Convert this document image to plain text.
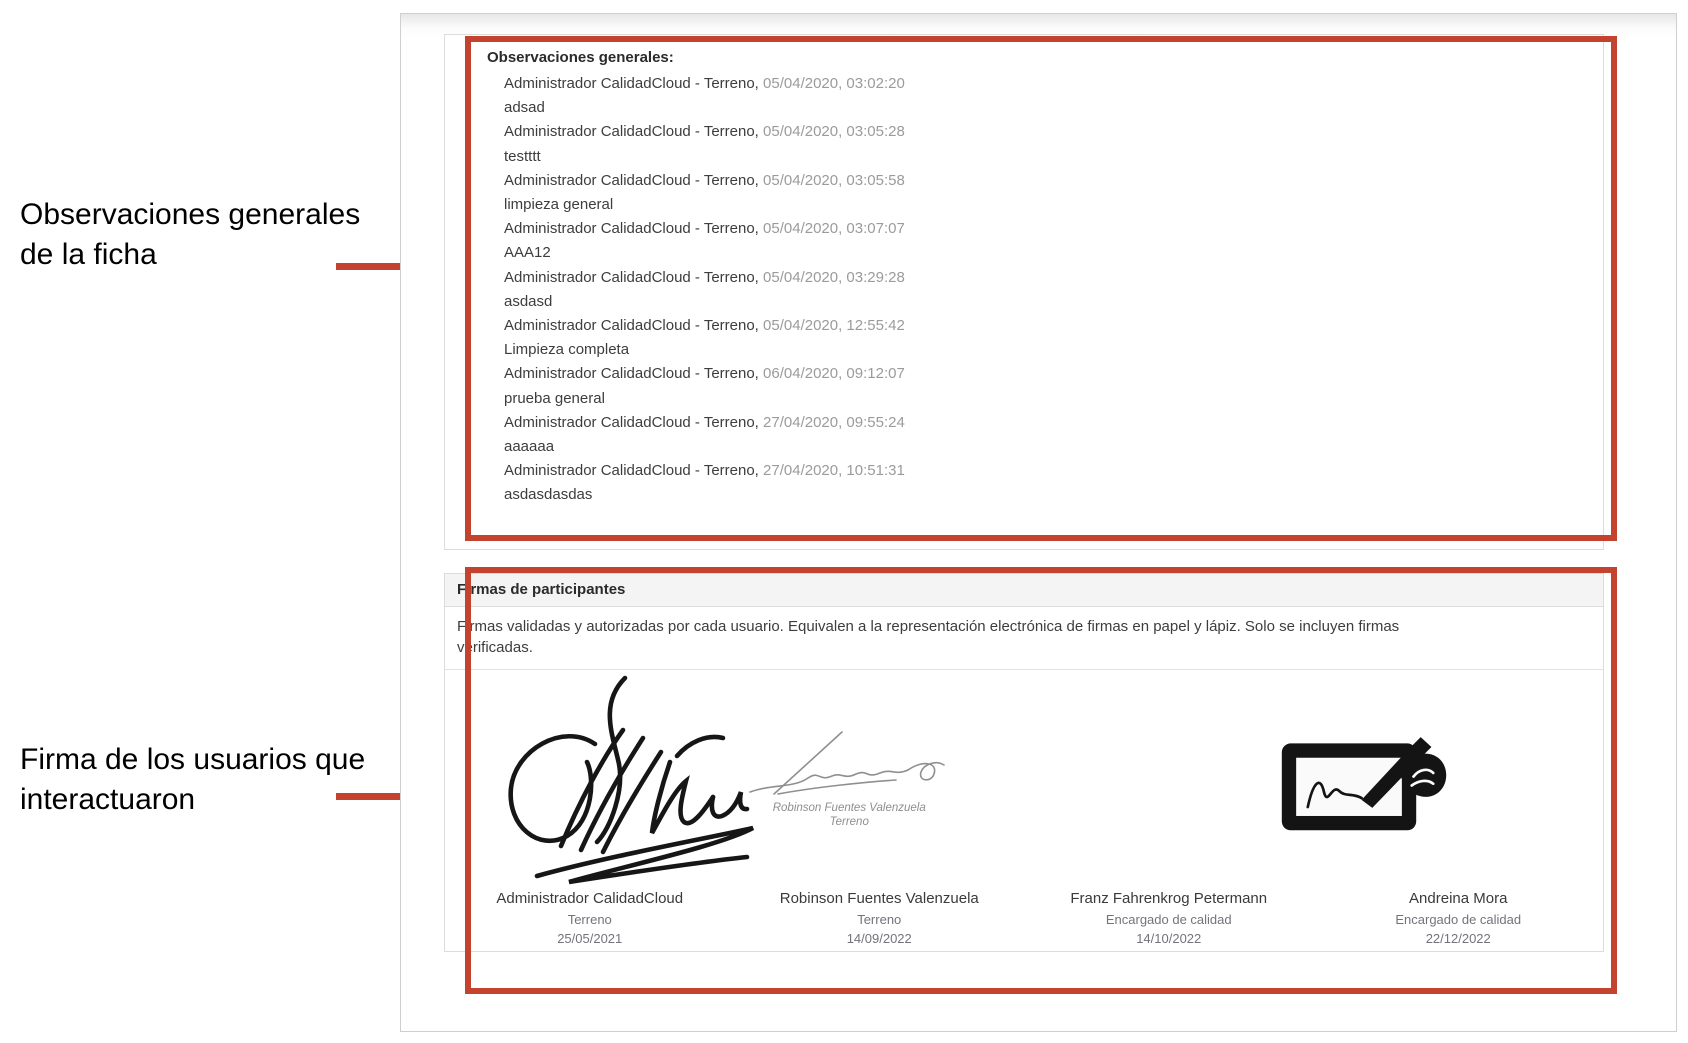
Observaciones generales de la ficha
Firma de los usuarios que interactuaron
Observaciones generales:
Administrador CalidadCloud - Terreno, 05/04/2020, 03:02:20
adsad
Administrador CalidadCloud - Terreno, 05/04/2020, 03:05:28
testttt
Administrador CalidadCloud - Terreno, 05/04/2020, 03:05:58
limpieza general
Administrador CalidadCloud - Terreno, 05/04/2020, 03:07:07
AAA12
Administrador CalidadCloud - Terreno, 05/04/2020, 03:29:28
asdasd
Administrador CalidadCloud - Terreno, 05/04/2020, 12:55:42
Limpieza completa
Administrador CalidadCloud - Terreno, 06/04/2020, 09:12:07
prueba general
Administrador CalidadCloud - Terreno, 27/04/2020, 09:55:24
aaaaaa
Administrador CalidadCloud - Terreno, 27/04/2020, 10:51:31
asdasdasdas
Firmas de participantes
Firmas validadas y autorizadas por cada usuario. Equivalen a la representación electrónica de firmas en papel y lápiz. Solo se incluyen firmas verificadas.
Administrador CalidadCloud
Terreno
25/05/2021
Robinson Fuentes Valenzuela
Terreno
Robinson Fuentes Valenzuela
Terreno
14/09/2022
Franz Fahrenkrog Petermann
Encargado de calidad
14/10/2022
Andreina Mora
Encargado de calidad
22/12/2022
